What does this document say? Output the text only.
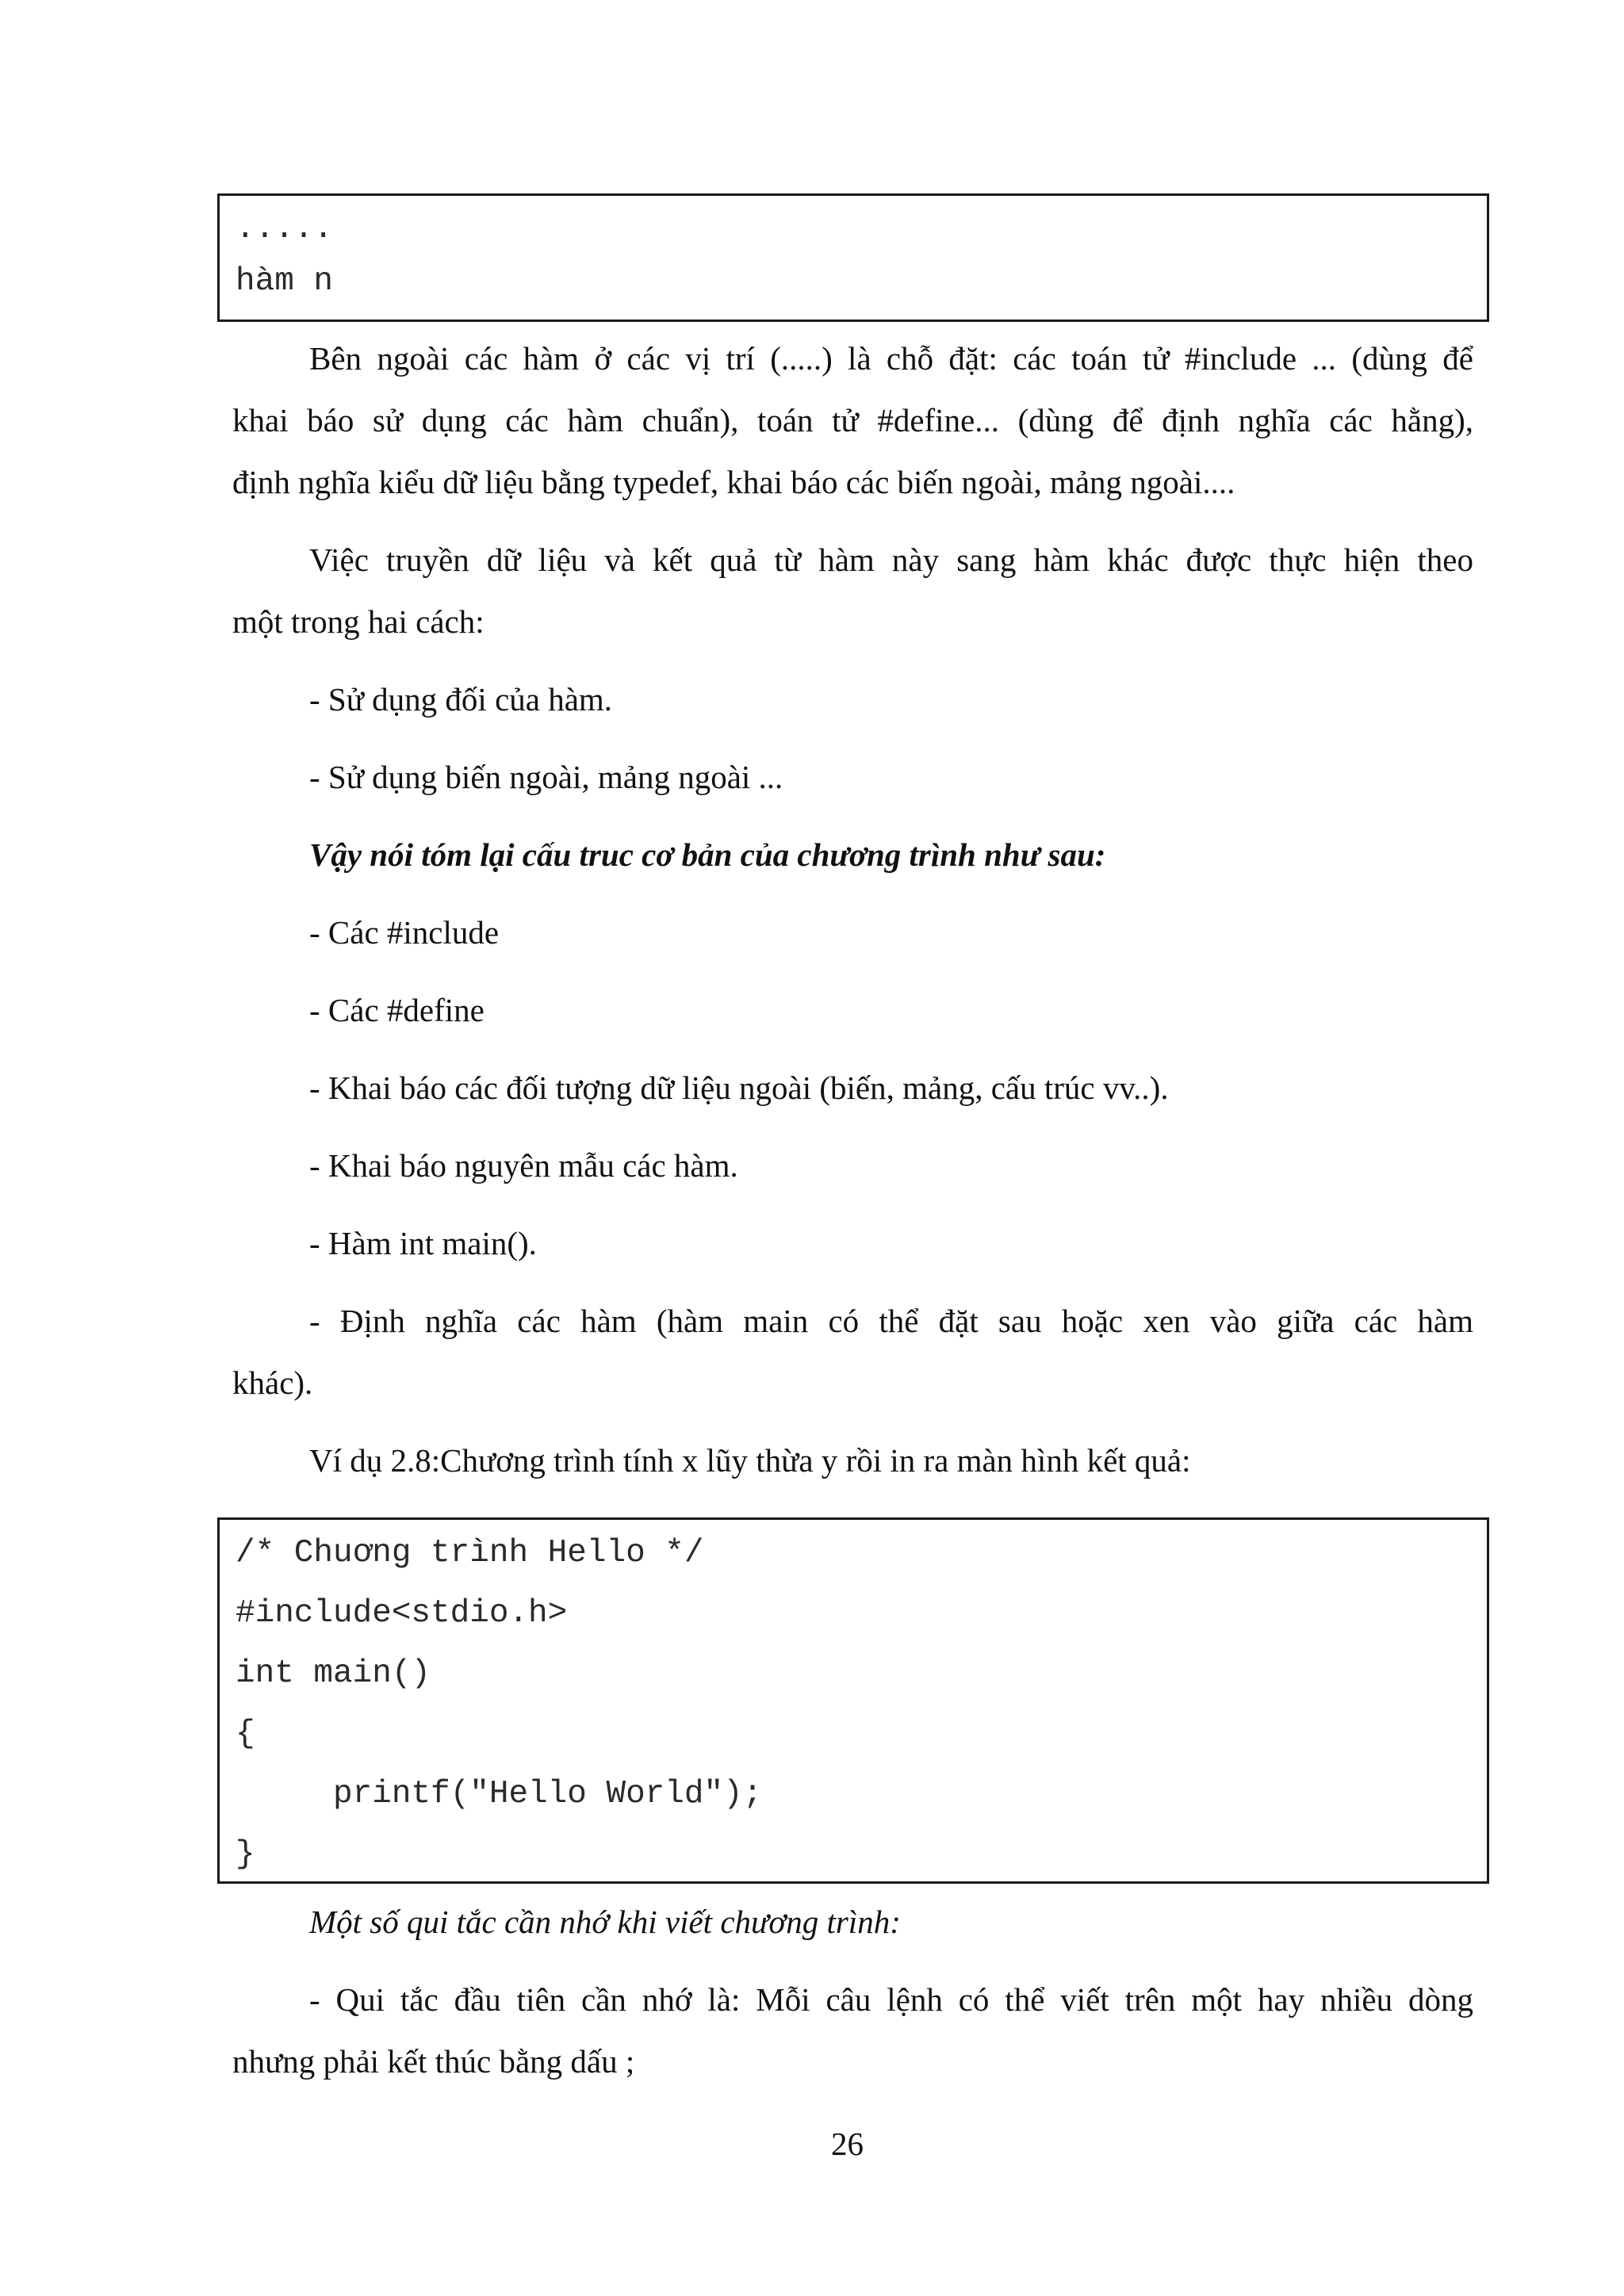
.....
hàm n
Bên ngoài các hàm ở các vị trí (.....) là chỗ đặt: các toán tử #include ... (dùng để
khai báo sử dụng các hàm chuẩn), toán tử #define... (dùng để định nghĩa các hằng),
định nghĩa kiểu dữ liệu bằng typedef, khai báo các biến ngoài, mảng ngoài....
Việc truyền dữ liệu và kết quả từ hàm này sang hàm khác được thực hiện theo
một trong hai cách:
- Sử dụng đối của hàm.
- Sử dụng biến ngoài, mảng ngoài ...
Vậy nói tóm lại cấu truc cơ bản của chương trình như sau:
- Các #include
- Các #define
- Khai báo các đối tượng dữ liệu ngoài (biến, mảng, cấu trúc vv..).
- Khai báo nguyên mẫu các hàm.
- Hàm int main().
- Định nghĩa các hàm (hàm main có thể đặt sau hoặc xen vào giữa các hàm
khác).
Ví dụ 2.8:Chương trình tính x lũy thừa y rồi in ra màn hình kết quả:
/* Chuơng trình Hello */
#include<stdio.h>
int main()
{
printf("Hello World");
}
Một số qui tắc cần nhớ khi viết chương trình:
- Qui tắc đầu tiên cần nhớ là: Mỗi câu lệnh có thể viết trên một hay nhiều dòng
nhưng phải kết thúc bằng dấu ;
26
